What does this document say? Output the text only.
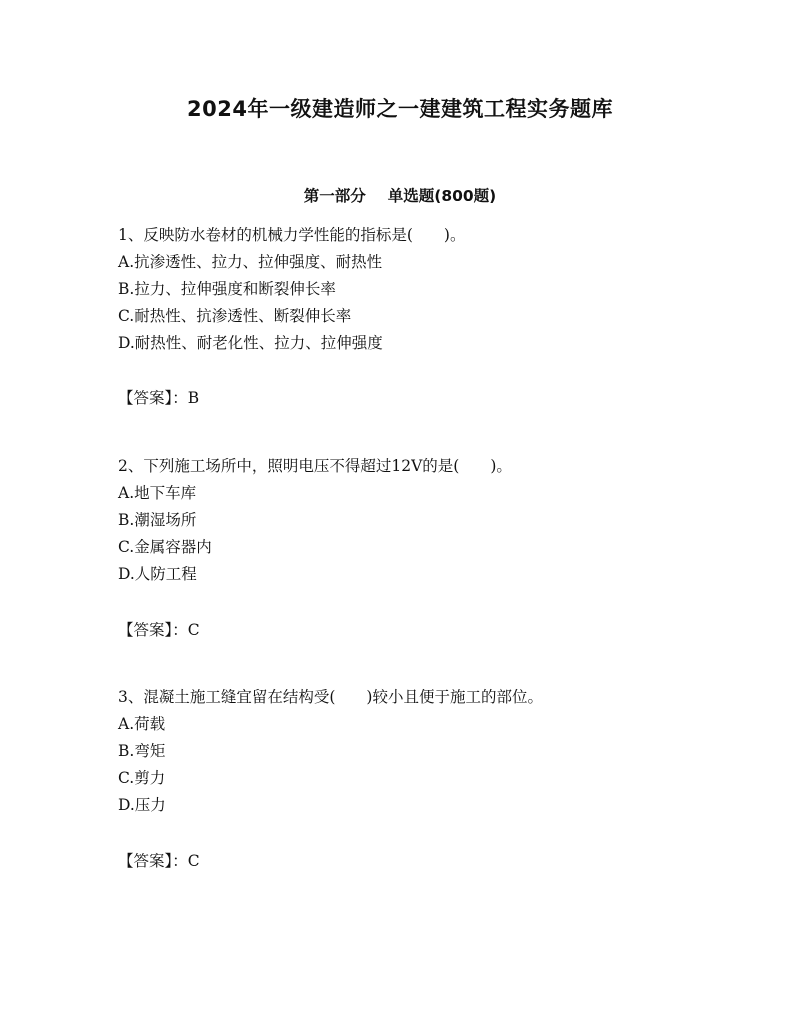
2024年一级建造师之一建建筑工程实务题库
第一部分 单选题(800题)
1、反映防水卷材的机械力学性能的指标是(　　)。
A.抗渗透性、拉力、拉伸强度、耐热性
B.拉力、拉伸强度和断裂伸长率
C.耐热性、抗渗透性、断裂伸长率
D.耐热性、耐老化性、拉力、拉伸强度
【答案】：B
2、下列施工场所中，照明电压不得超过12V的是(　　)。
A.地下车库
B.潮湿场所
C.金属容器内
D.人防工程
【答案】：C
3、混凝土施工缝宜留在结构受(　　)较小且便于施工的部位。
A.荷载
B.弯矩
C.剪力
D.压力
【答案】：C
